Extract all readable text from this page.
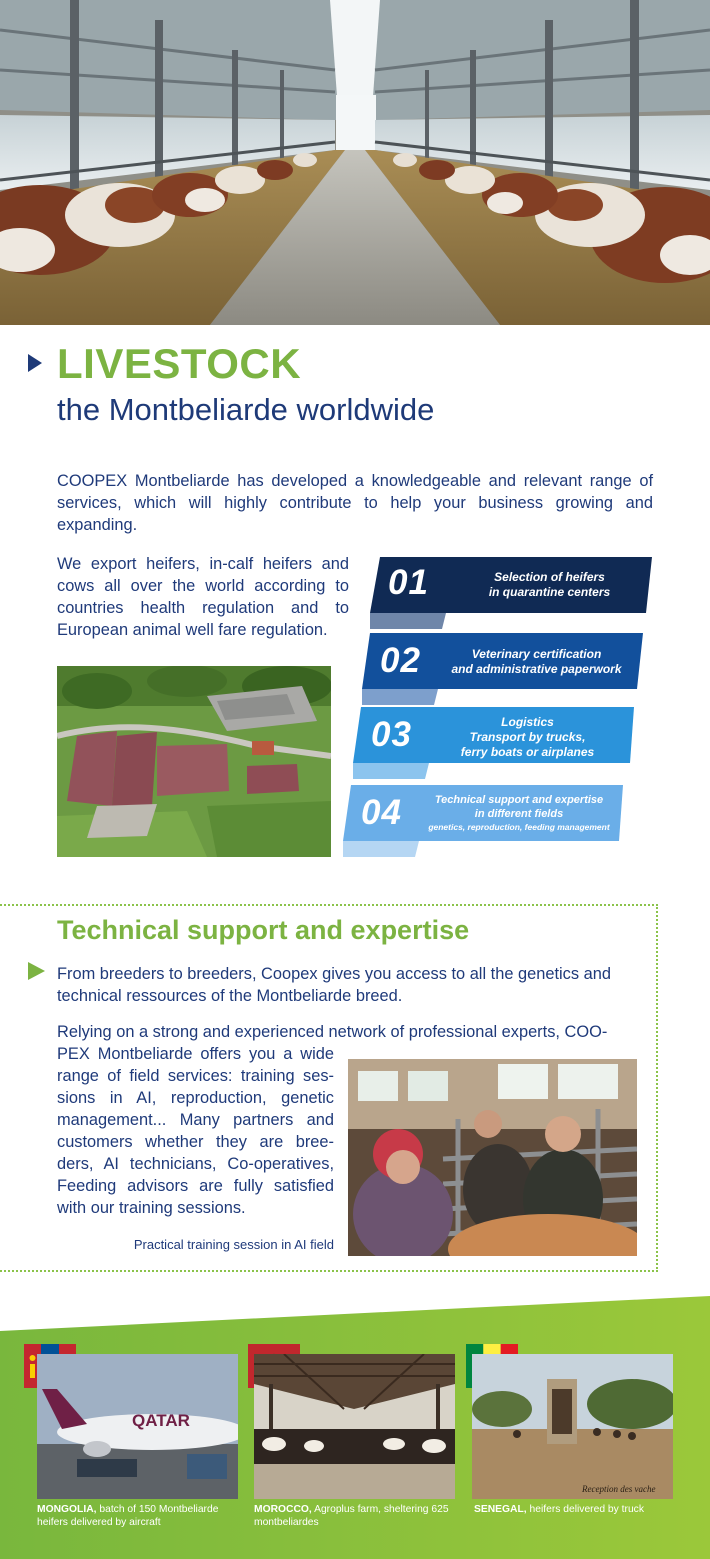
LIVESTOCK
the Montbeliarde worldwide

COOPEX Montbeliarde has developed a knowledgeable and relevant range of services, which will highly contribute to help your business growing and expanding.

We export heifers, in-calf heifers and cows all over the world according to countries health regulation and to European animal well fare regulation.

01	Selection of heifers
in quarantine centers
02	Veterinary certification
and administrative paperwork
03	Logistics
Transport by trucks,
ferry boats or airplanes
04	Technical support and expertise
in different fields
genetics, reproduction, feeding management
Technical support and expertise

From breeders to breeders, Coopex gives you access to all the genetics and technical ressources of the Montbeliarde breed.

Relying on a strong and experienced network of professional experts, COO-

PEX Montbeliarde offers you a wide range of field services: training ses-sions in AI, reproduction, genetic management... Many partners and customers whether they are bree-ders, AI technicians, Co-operatives, Feeding advisors are fully satisfied with our training sessions.

Practical training session in AI field

QATAR

MONGOLIA, batch of 150 Montbeliarde heifers delivered by aircraft

MOROCCO, Agroplus farm, sheltering 625 montbeliardes

Reception des vache

SENEGAL, heifers delivered by truck
